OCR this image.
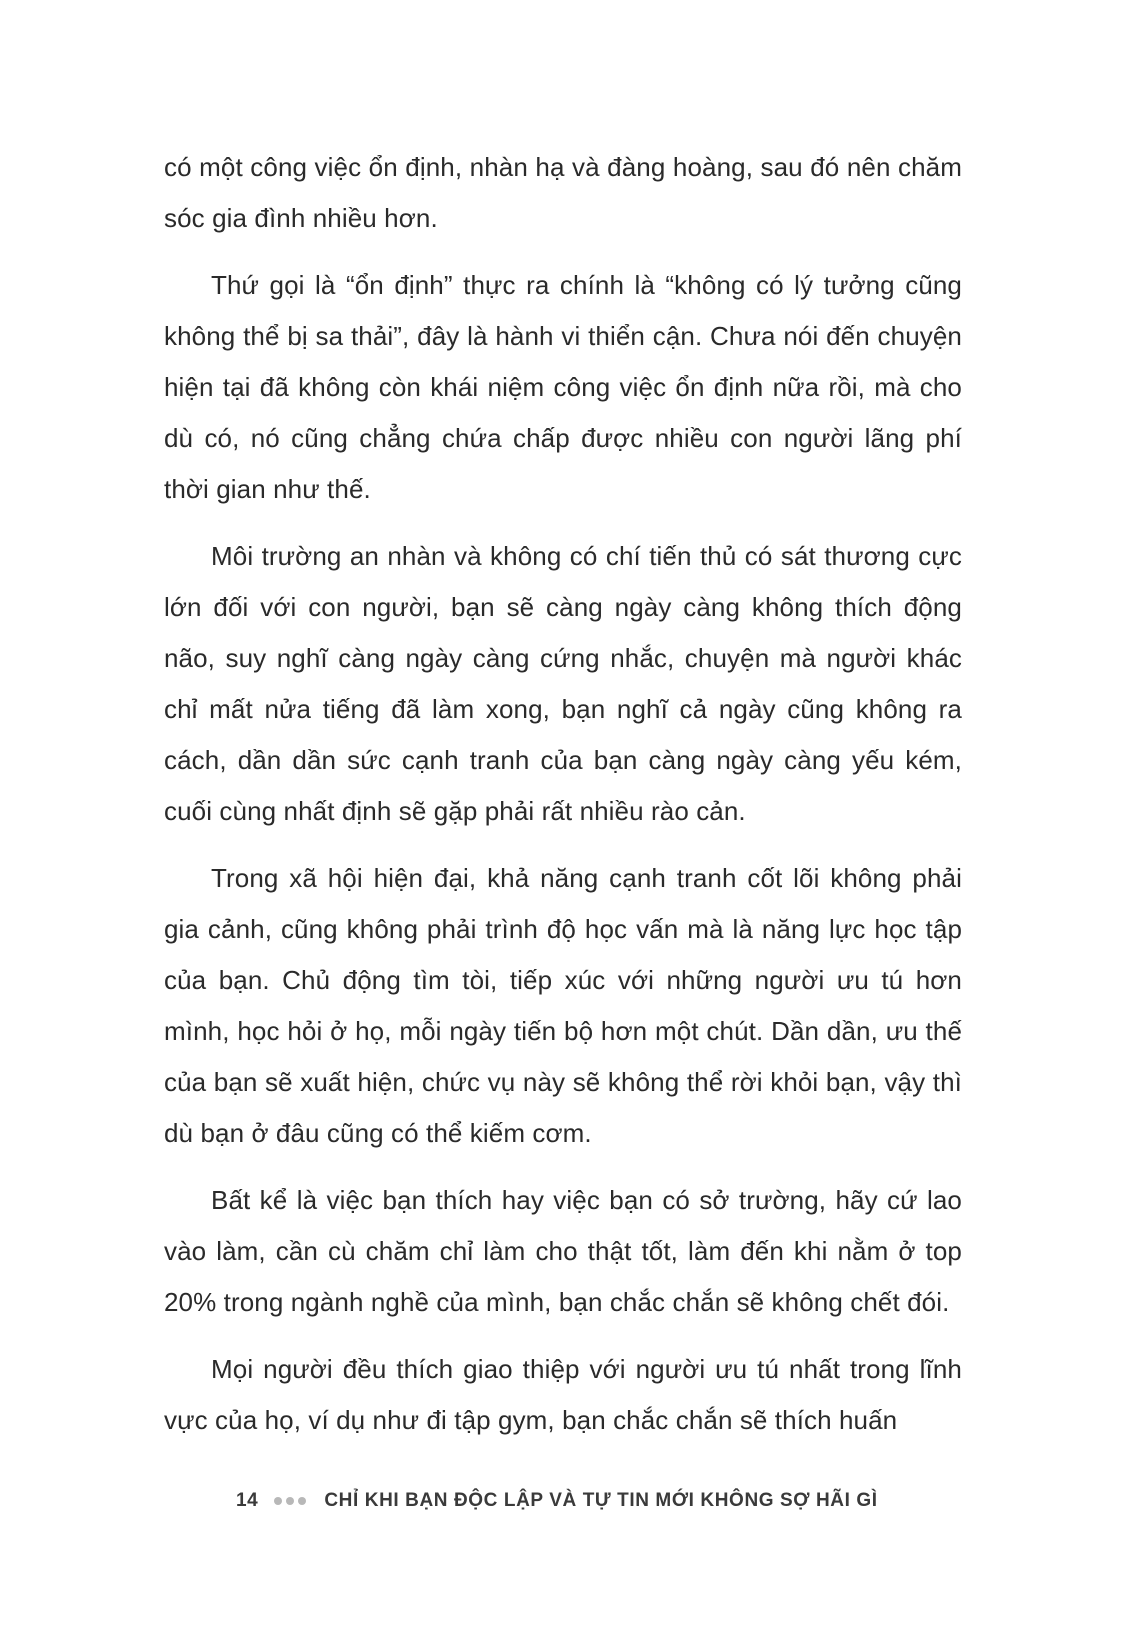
có một công việc ổn định, nhàn hạ và đàng hoàng, sau đó nên chăm sóc gia đình nhiều hơn.

Thứ gọi là “ổn định” thực ra chính là “không có lý tưởng cũng không thể bị sa thải”, đây là hành vi thiển cận. Chưa nói đến chuyện hiện tại đã không còn khái niệm công việc ổn định nữa rồi, mà cho dù có, nó cũng chẳng chứa chấp được nhiều con người lãng phí thời gian như thế.

Môi trường an nhàn và không có chí tiến thủ có sát thương cực lớn đối với con người, bạn sẽ càng ngày càng không thích động não, suy nghĩ càng ngày càng cứng nhắc, chuyện mà người khác chỉ mất nửa tiếng đã làm xong, bạn nghĩ cả ngày cũng không ra cách, dần dần sức cạnh tranh của bạn càng ngày càng yếu kém, cuối cùng nhất định sẽ gặp phải rất nhiều rào cản.

Trong xã hội hiện đại, khả năng cạnh tranh cốt lõi không phải gia cảnh, cũng không phải trình độ học vấn mà là năng lực học tập của bạn. Chủ động tìm tòi, tiếp xúc với những người ưu tú hơn mình, học hỏi ở họ, mỗi ngày tiến bộ hơn một chút. Dần dần, ưu thế của bạn sẽ xuất hiện, chức vụ này sẽ không thể rời khỏi bạn, vậy thì dù bạn ở đâu cũng có thể kiếm cơm.

Bất kể là việc bạn thích hay việc bạn có sở trường, hãy cứ lao vào làm, cần cù chăm chỉ làm cho thật tốt, làm đến khi nằm ở top 20% trong ngành nghề của mình, bạn chắc chắn sẽ không chết đói.

Mọi người đều thích giao thiệp với người ưu tú nhất trong lĩnh vực của họ, ví dụ như đi tập gym, bạn chắc chắn sẽ thích huấn

14	CHỈ KHI BẠN ĐỘC LẬP VÀ TỰ TIN MỚI KHÔNG SỢ HÃI GÌ
